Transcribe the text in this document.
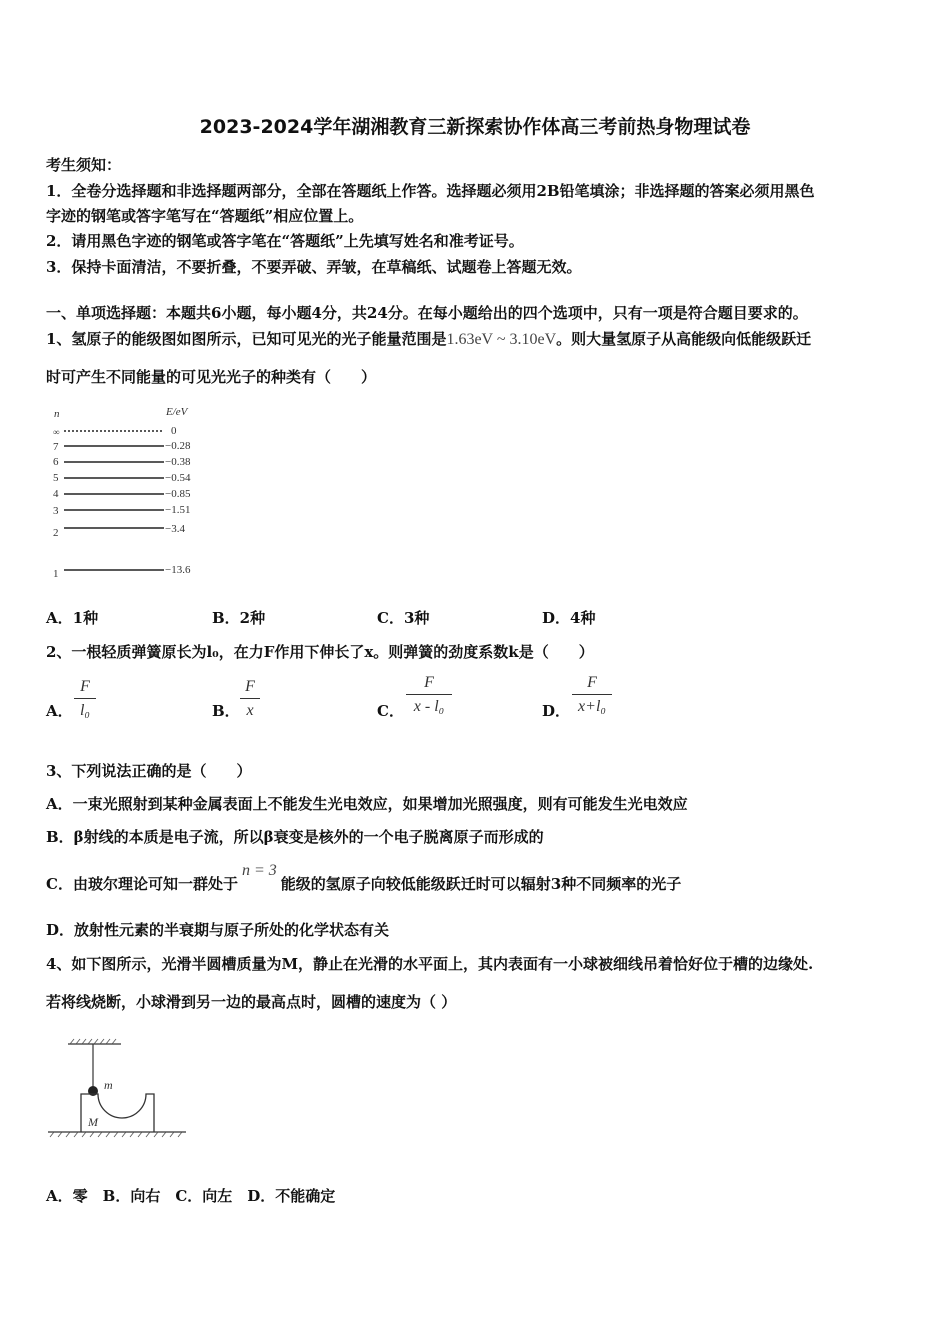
2023-2024学年湖湘教育三新探索协作体高三考前热身物理试卷
考生须知：
1．全卷分选择题和非选择题两部分，全部在答题纸上作答。选择题必须用2B铅笔填涂；非选择题的答案必须用黑色
字迹的钢笔或答字笔写在“答题纸”相应位置上。
2．请用黑色字迹的钢笔或答字笔在“答题纸”上先填写姓名和准考证号。
3．保持卡面清洁，不要折叠，不要弄破、弄皱，在草稿纸、试题卷上答题无效。
一、单项选择题：本题共6小题，每小题4分，共24分。在每小题给出的四个选项中，只有一项是符合题目要求的。
1、氢原子的能级图如图所示，已知可见光的光子能量范围是1.63eV ~ 3.10eV。则大量氢原子从高能级向低能级跃迁
时可产生不同能量的可见光光子的种类有（　　）
n	E/eV
∞	0
7	−0.28
6	−0.38
5	−0.54
4	−0.85
3	−1.51
2	−3.4
1	−13.6
A．1种	B．2种	C．3种	D．4种
2、一根轻质弹簧原长为l₀，在力F作用下伸长了x。则弹簧的劲度系数k是（　　）
A．
F
l₀	B．
F
x	C．
F
x - l₀	D．
F
x+l₀
3、下列说法正确的是（　　）
A．一束光照射到某种金属表面上不能发生光电效应，如果增加光照强度，则有可能发生光电效应
B．β射线的本质是电子流，所以β衰变是核外的一个电子脱离原子而形成的
C．由玻尔理论可知一群处于n = 3能级的氢原子向较低能级跃迁时可以辐射3种不同频率的光子
D．放射性元素的半衰期与原子所处的化学状态有关
4、如下图所示，光滑半圆槽质量为M，静止在光滑的水平面上，其内表面有一小球被细线吊着恰好位于槽的边缘处.
若将线烧断，小球滑到另一边的最高点时，圆槽的速度为（ ）
m
M
A．零　B．向右　C．向左　D．不能确定
